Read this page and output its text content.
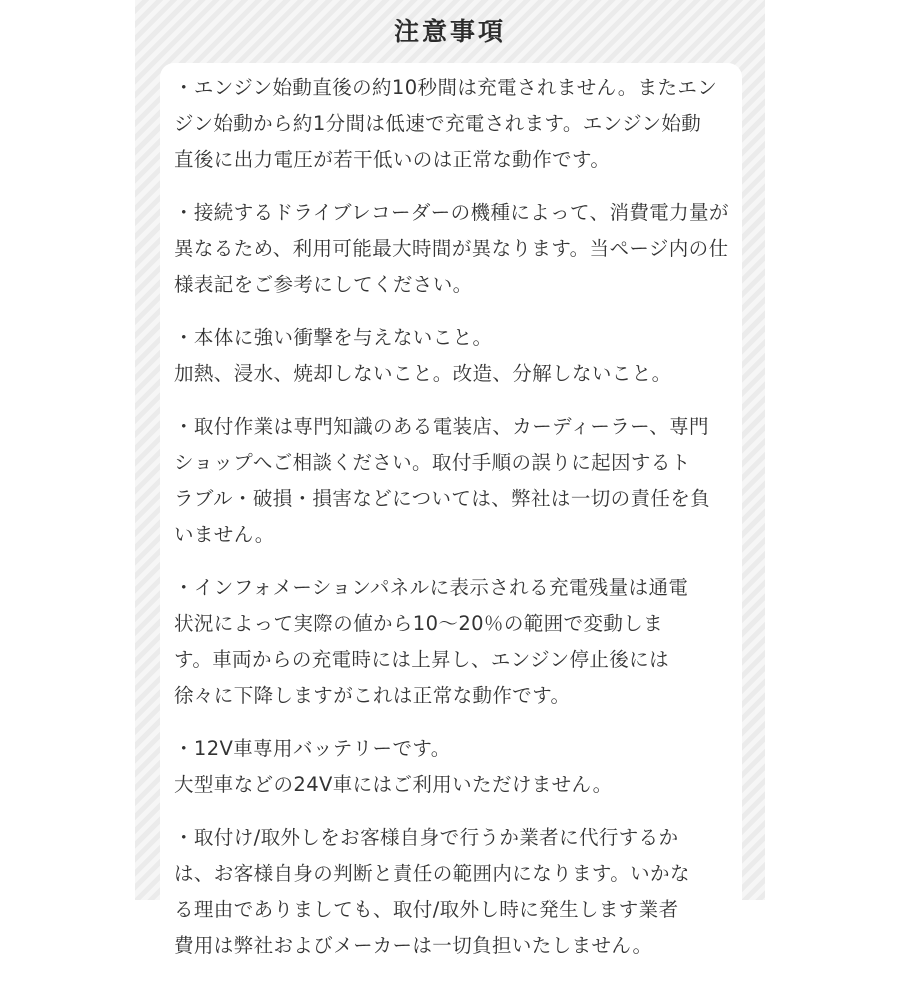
注意事項
・エンジン始動直後の約10秒間は充電されません。またエン
ジン始動から約1分間は低速で充電されます。エンジン始動
直後に出力電圧が若干低いのは正常な動作です。
・接続するドライブレコーダーの機種によって、消費電力量が
異なるため、利用可能最大時間が異なります。当ページ内の仕
様表記をご参考にしてください。
・本体に強い衝撃を与えないこと。
加熱、浸水、焼却しないこと。改造、分解しないこと。
・取付作業は専門知識のある電装店、カーディーラー、専門
ショップへご相談ください。取付手順の誤りに起因するト
ラブル・破損・損害などについては、弊社は一切の責任を負
いません。
・インフォメーションパネルに表示される充電残量は通電
状況によって実際の値から10～20％の範囲で変動しま
す。車両からの充電時には上昇し、エンジン停止後には
徐々に下降しますがこれは正常な動作です。
・12V車専用バッテリーです。
大型車などの24V車にはご利用いただけません。
・取付け/取外しをお客様自身で行うか業者に代行するか
は、お客様自身の判断と責任の範囲内になります。いかな
る理由でありましても、取付/取外し時に発生します業者
費用は弊社およびメーカーは一切負担いたしません。
